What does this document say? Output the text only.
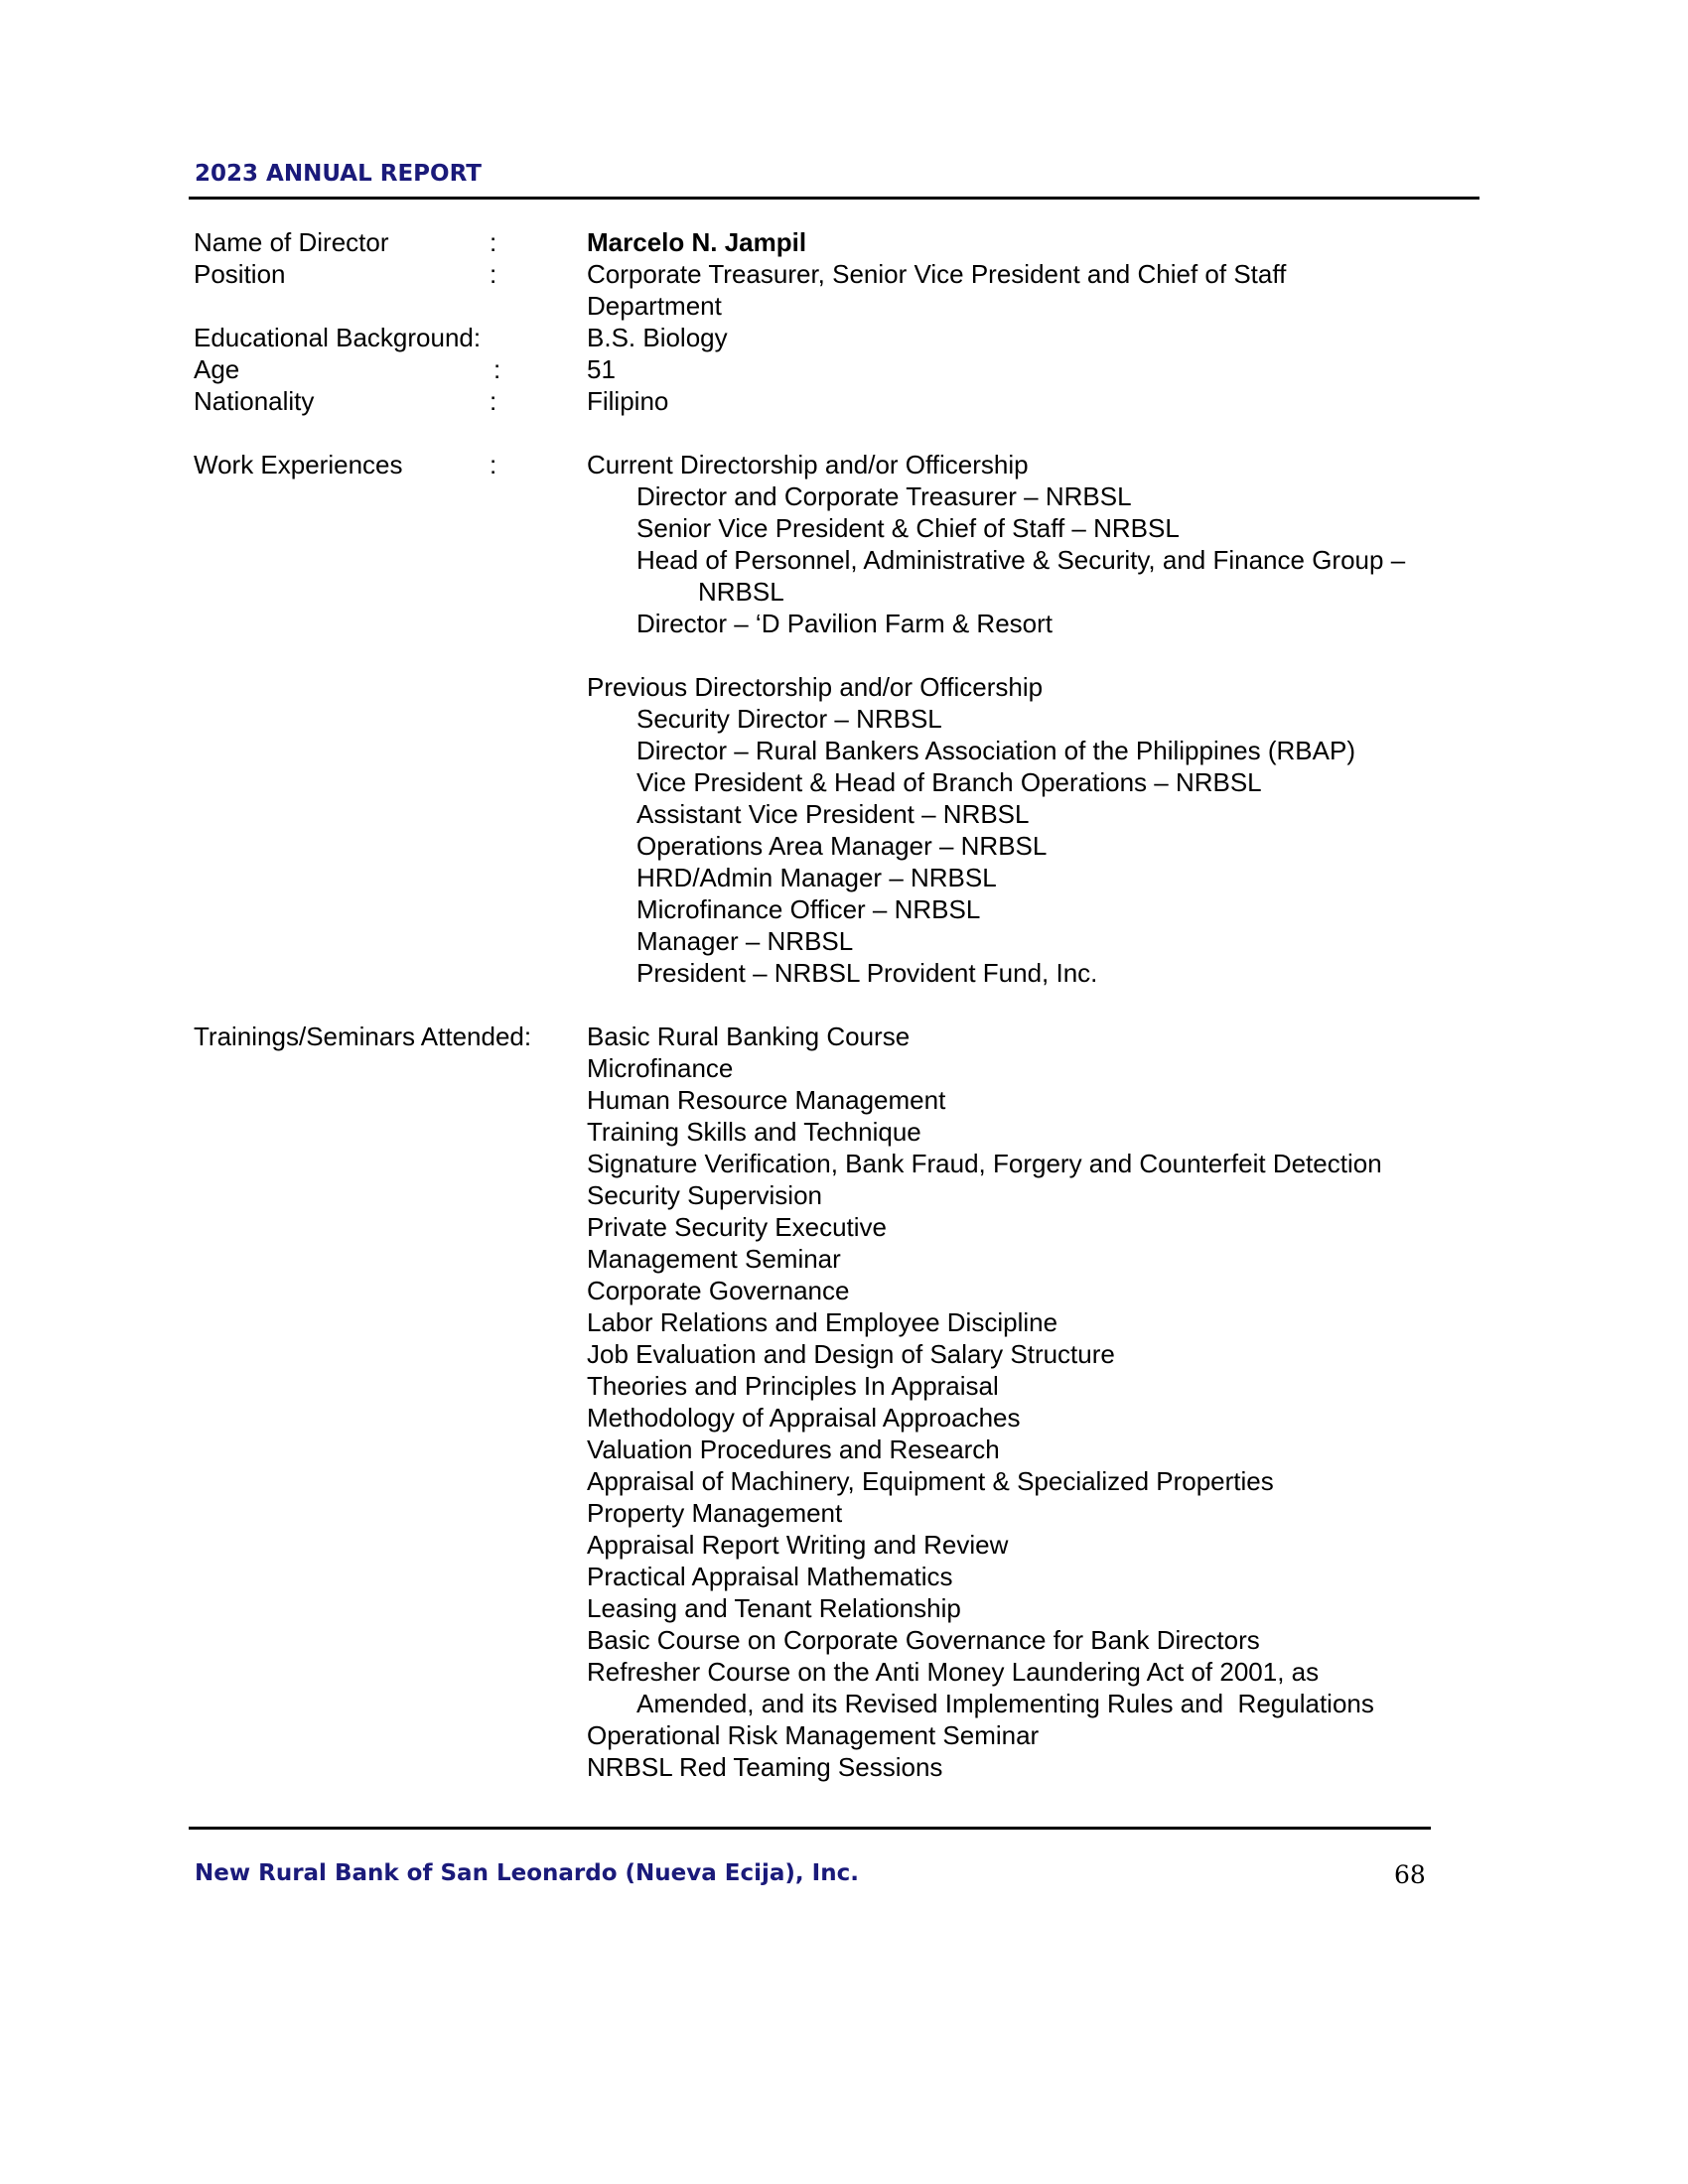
2023 ANNUAL REPORT
Name of Director	:	Marcelo N. Jampil
Position	:	Corporate Treasurer, Senior Vice President and Chief of Staff
Department
Educational Background:	B.S. Biology
Age	:	51
Nationality	:	Filipino
Work Experiences	:	Current Directorship and/or Officership
Director and Corporate Treasurer – NRBSL
Senior Vice President & Chief of Staff – NRBSL
Head of Personnel, Administrative & Security, and Finance Group –
NRBSL
Director – ‘D Pavilion Farm & Resort
Previous Directorship and/or Officership
Security Director – NRBSL
Director – Rural Bankers Association of the Philippines (RBAP)
Vice President & Head of Branch Operations – NRBSL
Assistant Vice President – NRBSL
Operations Area Manager – NRBSL
HRD/Admin Manager – NRBSL
Microfinance Officer – NRBSL
Manager – NRBSL
President – NRBSL Provident Fund, Inc.
Trainings/Seminars Attended: Basic Rural Banking Course
Microfinance
Human Resource Management
Training Skills and Technique
Signature Verification, Bank Fraud, Forgery and Counterfeit Detection
Security Supervision
Private Security Executive
Management Seminar
Corporate Governance
Labor Relations and Employee Discipline
Job Evaluation and Design of Salary Structure
Theories and Principles In Appraisal
Methodology of Appraisal Approaches
Valuation Procedures and Research
Appraisal of Machinery, Equipment & Specialized Properties
Property Management
Appraisal Report Writing and Review
Practical Appraisal Mathematics
Leasing and Tenant Relationship
Basic Course on Corporate Governance for Bank Directors
Refresher Course on the Anti Money Laundering Act of 2001, as
Amended, and its Revised Implementing Rules and  Regulations
Operational Risk Management Seminar
NRBSL Red Teaming Sessions
New Rural Bank of San Leonardo (Nueva Ecija), Inc.	68
